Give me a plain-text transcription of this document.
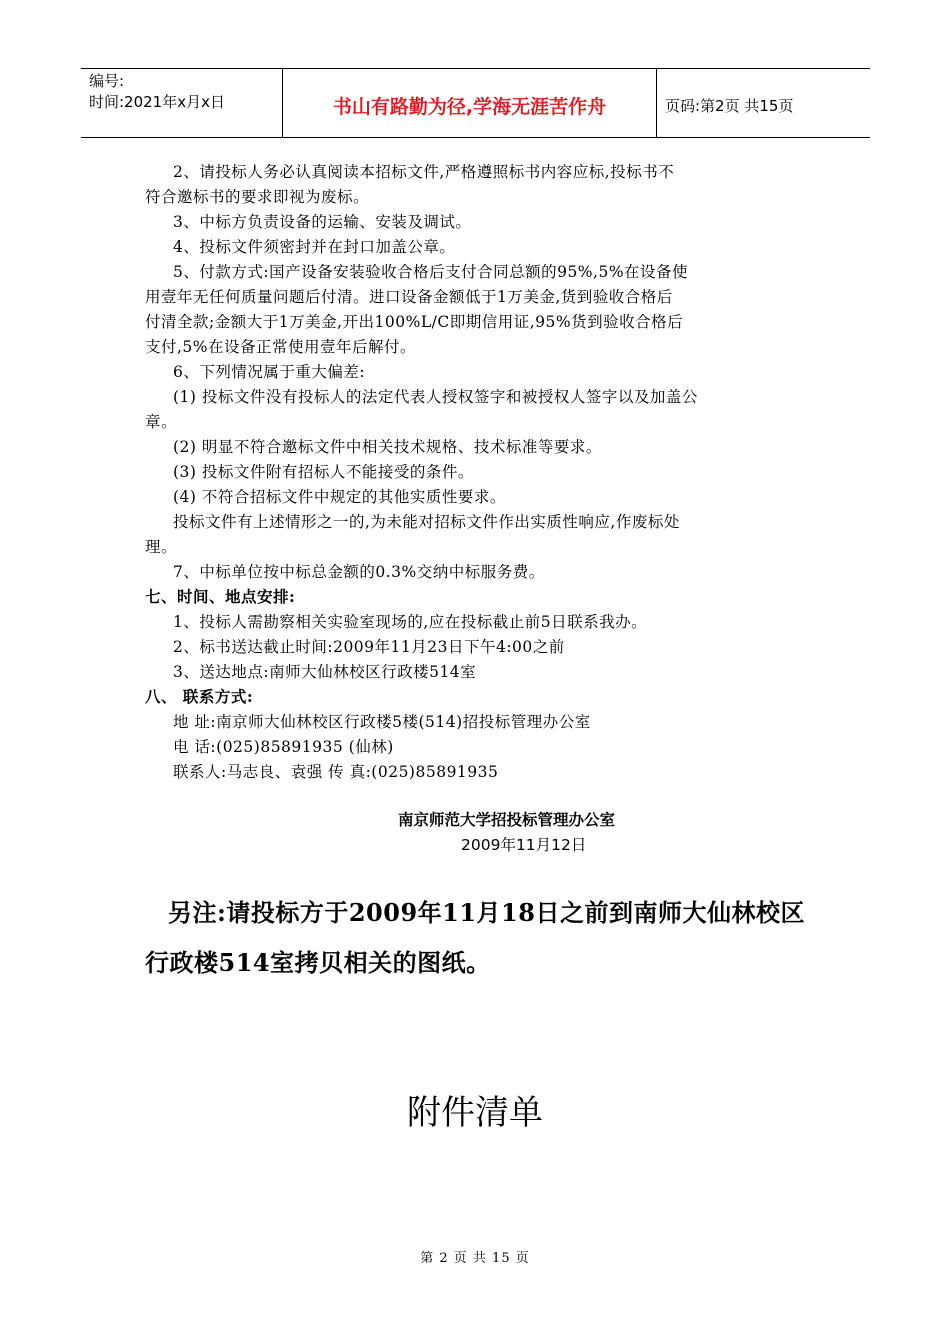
编号:
时间:2021年x月x日	书山有路勤为径,学海无涯苦作舟	页码:第2页 共15页
2、请投标人务必认真阅读本招标文件,严格遵照标书内容应标,投标书不
符合邀标书的要求即视为废标。
3、中标方负责设备的运输、安装及调试。
4、投标文件须密封并在封口加盖公章。
5、付款方式:国产设备安装验收合格后支付合同总额的95%,5%在设备使
用壹年无任何质量问题后付清。进口设备金额低于1万美金,货到验收合格后
付清全款;金额大于1万美金,开出100%L/C即期信用证,95%货到验收合格后
支付,5%在设备正常使用壹年后解付。
6、下列情况属于重大偏差:
(1) 投标文件没有投标人的法定代表人授权签字和被授权人签字以及加盖公
章。
(2) 明显不符合邀标文件中相关技术规格、技术标准等要求。
(3) 投标文件附有招标人不能接受的条件。
(4) 不符合招标文件中规定的其他实质性要求。
投标文件有上述情形之一的,为未能对招标文件作出实质性响应,作废标处
理。
7、中标单位按中标总金额的0.3%交纳中标服务费。
七、时间、地点安排:
1、投标人需勘察相关实验室现场的,应在投标截止前5日联系我办。
2、标书送达截止时间:2009年11月23日下午4:00之前
3、送达地点:南师大仙林校区行政楼514室
八、 联系方式:
地 址:南京师大仙林校区行政楼5楼(514)招投标管理办公室
电 话:(025)85891935 (仙林)
联系人:马志良、袁强 传 真:(025)85891935
南京师范大学招投标管理办公室
2009年11月12日
另注:请投标方于2009年11月18日之前到南师大仙林校区
行政楼514室拷贝相关的图纸。
附件清单
第 2 页 共 15 页
